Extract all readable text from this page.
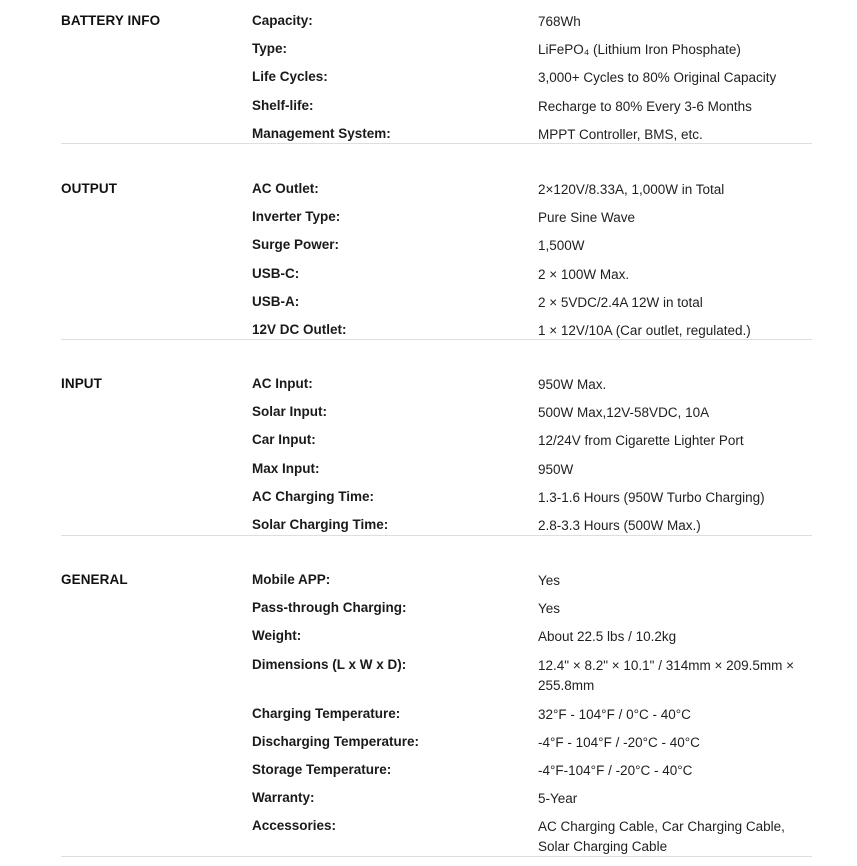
BATTERY INFO	Capacity:	768Wh
Type:	LiFePO₄ (Lithium Iron Phosphate)
Life Cycles:	3,000+ Cycles to 80% Original Capacity
Shelf-life:	Recharge to 80% Every 3-6 Months
Management System:	MPPT Controller, BMS, etc.
OUTPUT	AC Outlet:	2×120V/8.33A, 1,000W in Total
Inverter Type:	Pure Sine Wave
Surge Power:	1,500W
USB-C:	2 × 100W Max.
USB-A:	2 × 5VDC/2.4A 12W in total
12V DC Outlet:	1 × 12V/10A (Car outlet, regulated.)
INPUT	AC Input:	950W Max.
Solar Input:	500W Max,12V-58VDC, 10A
Car Input:	12/24V from Cigarette Lighter Port
Max Input:	950W
AC Charging Time:	1.3-1.6 Hours (950W Turbo Charging)
Solar Charging Time:	2.8-3.3 Hours (500W Max.)
GENERAL	Mobile APP:	Yes
Pass-through Charging:	Yes
Weight:	About 22.5 lbs / 10.2kg
Dimensions (L x W x D):	12.4" × 8.2" × 10.1" / 314mm × 209.5mm × 255.8mm
Charging Temperature:	32°F - 104°F / 0°C - 40°C
Discharging Temperature:	-4°F - 104°F / -20°C - 40°C
Storage Temperature:	-4°F-104°F / -20°C - 40°C
Warranty:	5-Year
Accessories:	AC Charging Cable, Car Charging Cable, Solar Charging Cable
